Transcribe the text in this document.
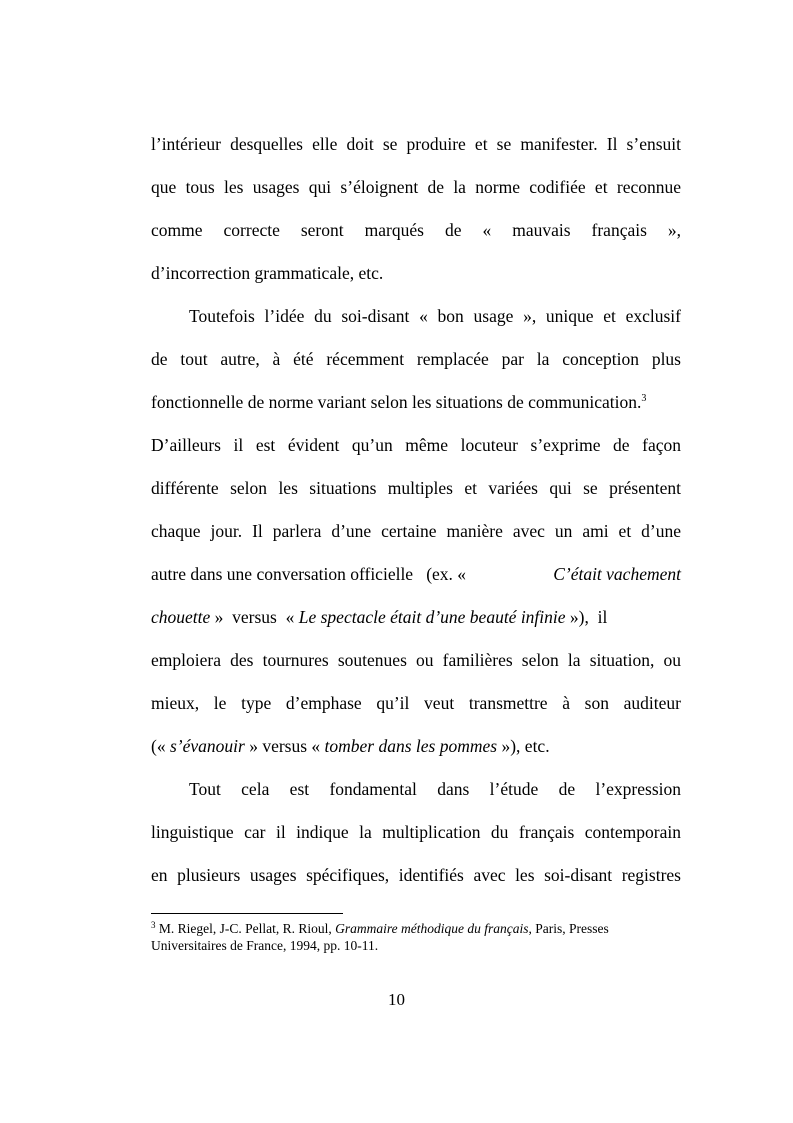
l’intérieur desquelles elle doit se produire et se manifester. Il s’ensuit
que tous les usages qui s’éloignent de la norme codifiée et reconnue
comme correcte seront marqués de « mauvais français »,
d’incorrection grammaticale, etc.
Toutefois l’idée du soi-disant « bon usage », unique et exclusif
de tout autre, à été récemment remplacée par la conception plus
fonctionnelle de norme variant selon les situations de communication.$^3$
D’ailleurs il est évident qu’un même locuteur s’exprime de façon
différente selon les situations multiples et variées qui se présentent
chaque jour. Il parlera d’une certaine manière avec un ami et d’une
autre dans une conversation officielle   (ex. «	C’était vachement
chouette »  versus  « Le spectacle était d’une beauté infinie »),  il
emploiera des tournures soutenues ou familières selon la situation, ou
mieux, le type d’emphase qu’il veut transmettre à son auditeur
(« s’évanouir » versus « tomber dans les pommes »), etc.
Tout cela est fondamental dans l’étude de l’expression
linguistique car il indique la multiplication du français contemporain
en plusieurs usages spécifiques, identifiés avec les soi-disant registres
$^3$ M. Riegel, J-C. Pellat, R. Rioul, Grammaire méthodique du français, Paris, Presses
Universitaires de France, 1994, pp. 10-11.
10
